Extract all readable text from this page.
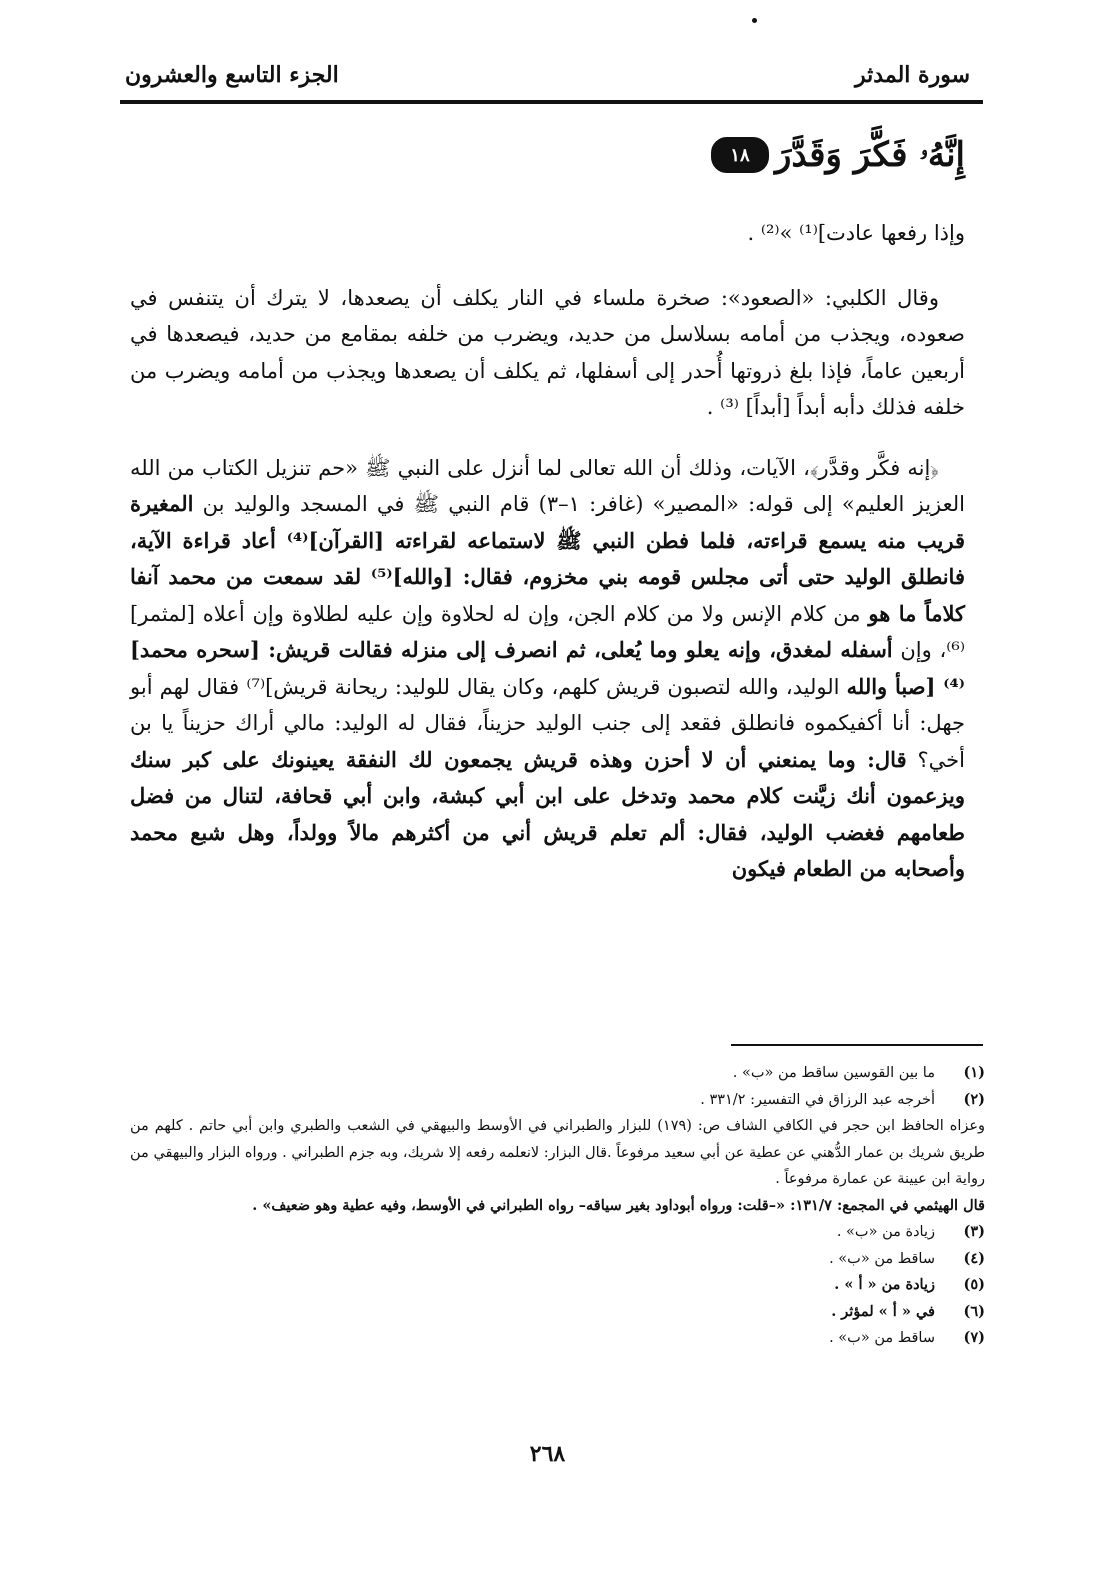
سورة المدثر
الجزء التاسع والعشرون
إِنَّهُۥ فَكَّرَ وَقَدَّرَ
١٨

وإذا رفعها عادت]⁽¹⁾ »⁽²⁾ .

وقال الكلبي: «الصعود»: صخرة ملساء في النار يكلف أن يصعدها، لا يترك أن يتنفس في صعوده، ويجذب من أمامه بسلاسل من حديد، ويضرب من خلفه بمقامع من حديد، فيصعدها في أربعين عاماً، فإذا بلغ ذروتها أُحدر إلى أسفلها، ثم يكلف أن يصعدها ويجذب من أمامه ويضرب من خلفه فذلك دأبه أبداً [أبداً] ⁽³⁾ .

﴿إنه فكَّر وقدَّر﴾، الآيات، وذلك أن الله تعالى لما أنزل على النبي ﷺ «حم تنزيل الكتاب من الله العزيز العليم» إلى قوله: «المصير» (غافر: ١–٣) قام النبي ﷺ في المسجد والوليد بن المغيرة قريب منه يسمع قراءته، فلما فطن النبي ﷺ لاستماعه لقراءته [القرآن]⁽⁴⁾ أعاد قراءة الآية، فانطلق الوليد حتى أتى مجلس قومه بني مخزوم، فقال: [والله]⁽⁵⁾ لقد سمعت من محمد آنفا كلاماً ما هو من كلام الإنس ولا من كلام الجن، وإن له لحلاوة وإن عليه لطلاوة وإن أعلاه [لمثمر]⁽⁶⁾، وإن أسفله لمغدق، وإنه يعلو وما يُعلى، ثم انصرف إلى منزله فقالت قريش: [سحره محمد]⁽⁴⁾ [صبأ والله الوليد، والله لتصبون قريش كلهم، وكان يقال للوليد: ريحانة قريش]⁽⁷⁾ فقال لهم أبو جهل: أنا أكفيكموه فانطلق فقعد إلى جنب الوليد حزيناً، فقال له الوليد: مالي أراك حزيناً يا بن أخي؟ قال: وما يمنعني أن لا أحزن وهذه قريش يجمعون لك النفقة يعينونك على كبر سنك ويزعمون أنك زيَّنت كلام محمد وتدخل على ابن أبي كبشة، وابن أبي قحافة، لتنال من فضل طعامهم فغضب الوليد، فقال: ألم تعلم قريش أني من أكثرهم مالاً وولداً، وهل شبع محمد وأصحابه من الطعام فيكون

(١)
ما بين القوسين ساقط من «ب» .
(٢)
أخرجه عبد الرزاق في التفسير: ٣٣١/٢ .
وعزاه الحافظ ابن حجر في الكافي الشاف ص: (١٧٩) للبزار والطبراني في الأوسط والبيهقي في الشعب والطبري وابن أبي حاتم . كلهم من طريق شريك بن عمار الدُّهني عن عطية عن أبي سعيد مرفوعاً .قال البزار: لانعلمه رفعه إلا شريك، وبه جزم الطبراني . ورواه البزار والبيهقي من رواية ابن عيينة عن عمارة مرفوعاً .
قال الهيثمي في المجمع: ١٣١/٧: «–قلت: ورواه أبوداود بغير سياقه– رواه الطبراني في الأوسط، وفيه عطية وهو ضعيف» .
(٣)
زيادة من «ب» .
(٤)
ساقط من «ب» .
(٥)
زيادة من « أ » .
(٦)
في « أ » لمؤثر .
(٧)
ساقط من «ب» .
٢٦٨
